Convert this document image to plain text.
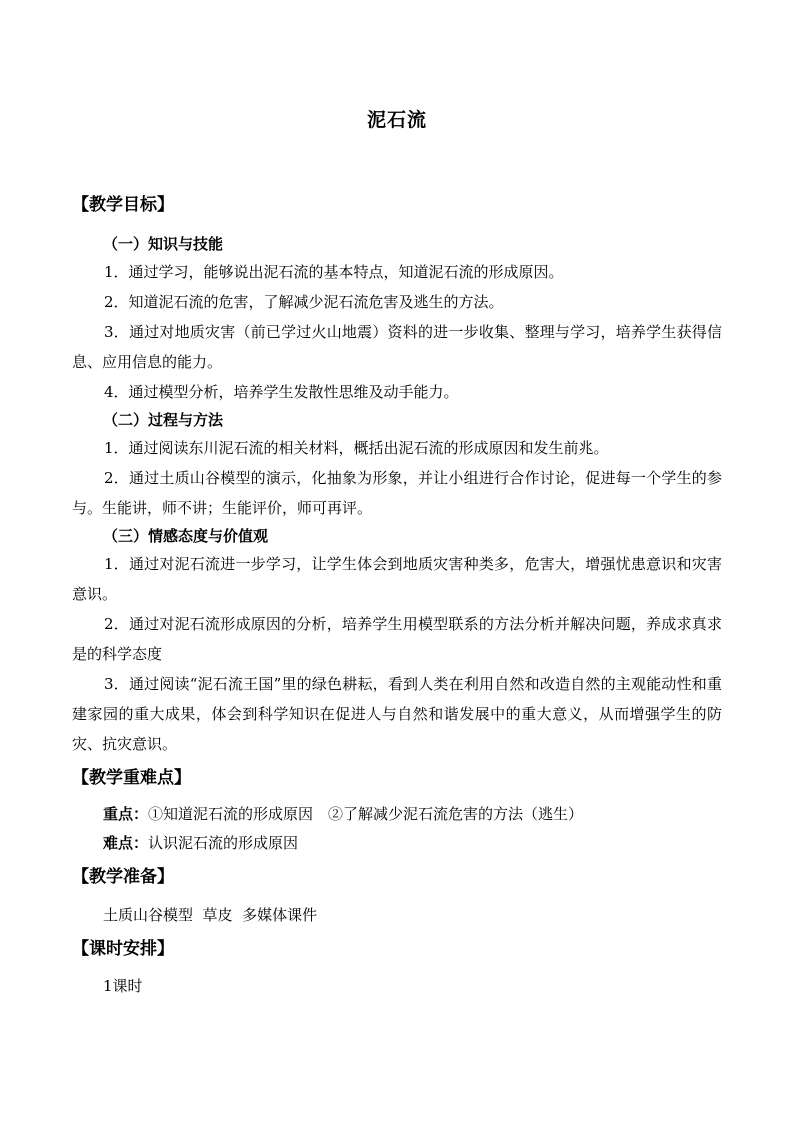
泥石流
【教学目标】
（一）知识与技能
1．通过学习，能够说出泥石流的基本特点，知道泥石流的形成原因。
2．知道泥石流的危害，了解减少泥石流危害及逃生的方法。
3．通过对地质灾害（前已学过火山地震）资料的进一步收集、整理与学习，培养学生获得信息、应用信息的能力。
4．通过模型分析，培养学生发散性思维及动手能力。
（二）过程与方法
1．通过阅读东川泥石流的相关材料，概括出泥石流的形成原因和发生前兆。
2．通过土质山谷模型的演示，化抽象为形象，并让小组进行合作讨论，促进每一个学生的参与。生能讲，师不讲；生能评价，师可再评。
（三）情感态度与价值观
1．通过对泥石流进一步学习，让学生体会到地质灾害种类多，危害大，增强忧患意识和灾害意识。
2．通过对泥石流形成原因的分析，培养学生用模型联系的方法分析并解决问题，养成求真求是的科学态度
3．通过阅读“泥石流王国”里的绿色耕耘，看到人类在利用自然和改造自然的主观能动性和重建家园的重大成果，体会到科学知识在促进人与自然和谐发展中的重大意义，从而增强学生的防灾、抗灾意识。
【教学重难点】
重点：①知道泥石流的形成原因　②了解减少泥石流危害的方法（逃生）
难点：认识泥石流的形成原因
【教学准备】
土质山谷模型  草皮  多媒体课件
【课时安排】
1课时
